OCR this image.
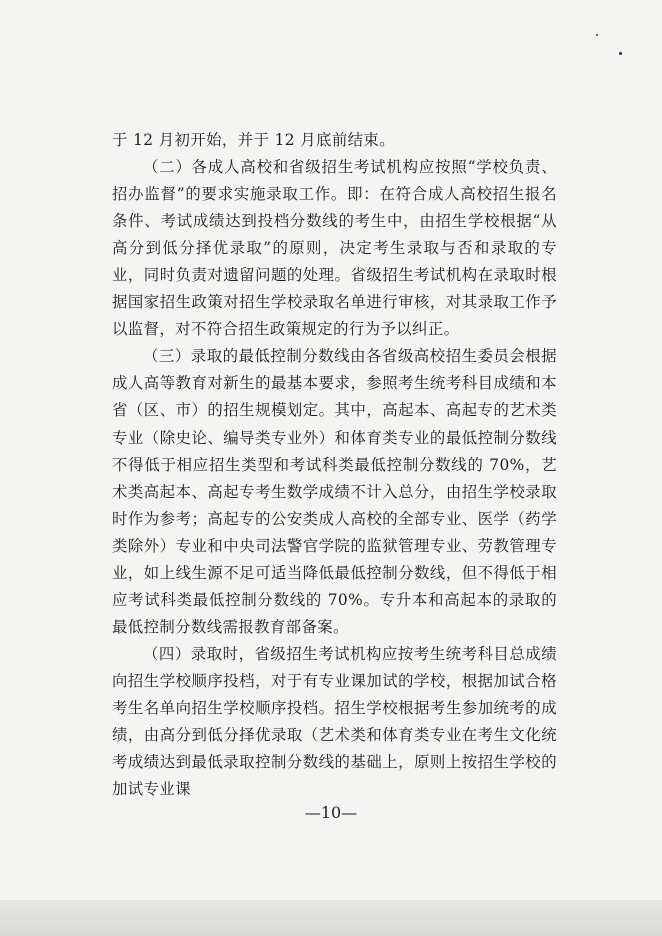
于 12 月初开始，并于 12 月底前结束。

（二）各成人高校和省级招生考试机构应按照“学校负责、招办监督”的要求实施录取工作。即：在符合成人高校招生报名条件、考试成绩达到投档分数线的考生中，由招生学校根据“从高分到低分择优录取”的原则，决定考生录取与否和录取的专业，同时负责对遗留问题的处理。省级招生考试机构在录取时根据国家招生政策对招生学校录取名单进行审核，对其录取工作予以监督，对不符合招生政策规定的行为予以纠正。

（三）录取的最低控制分数线由各省级高校招生委员会根据成人高等教育对新生的最基本要求，参照考生统考科目成绩和本省（区、市）的招生规模划定。其中，高起本、高起专的艺术类专业（除史论、编导类专业外）和体育类专业的最低控制分数线不得低于相应招生类型和考试科类最低控制分数线的 70%，艺术类高起本、高起专考生数学成绩不计入总分，由招生学校录取时作为参考；高起专的公安类成人高校的全部专业、医学（药学类除外）专业和中央司法警官学院的监狱管理专业、劳教管理专业，如上线生源不足可适当降低最低控制分数线，但不得低于相应考试科类最低控制分数线的 70%。专升本和高起本的录取的最低控制分数线需报教育部备案。

（四）录取时，省级招生考试机构应按考生统考科目总成绩向招生学校顺序投档，对于有专业课加试的学校，根据加试合格考生名单向招生学校顺序投档。招生学校根据考生参加统考的成绩，由高分到低分择优录取（艺术类和体育类专业在考生文化统考成绩达到最低录取控制分数线的基础上，原则上按招生学校的加试专业课

—10—
